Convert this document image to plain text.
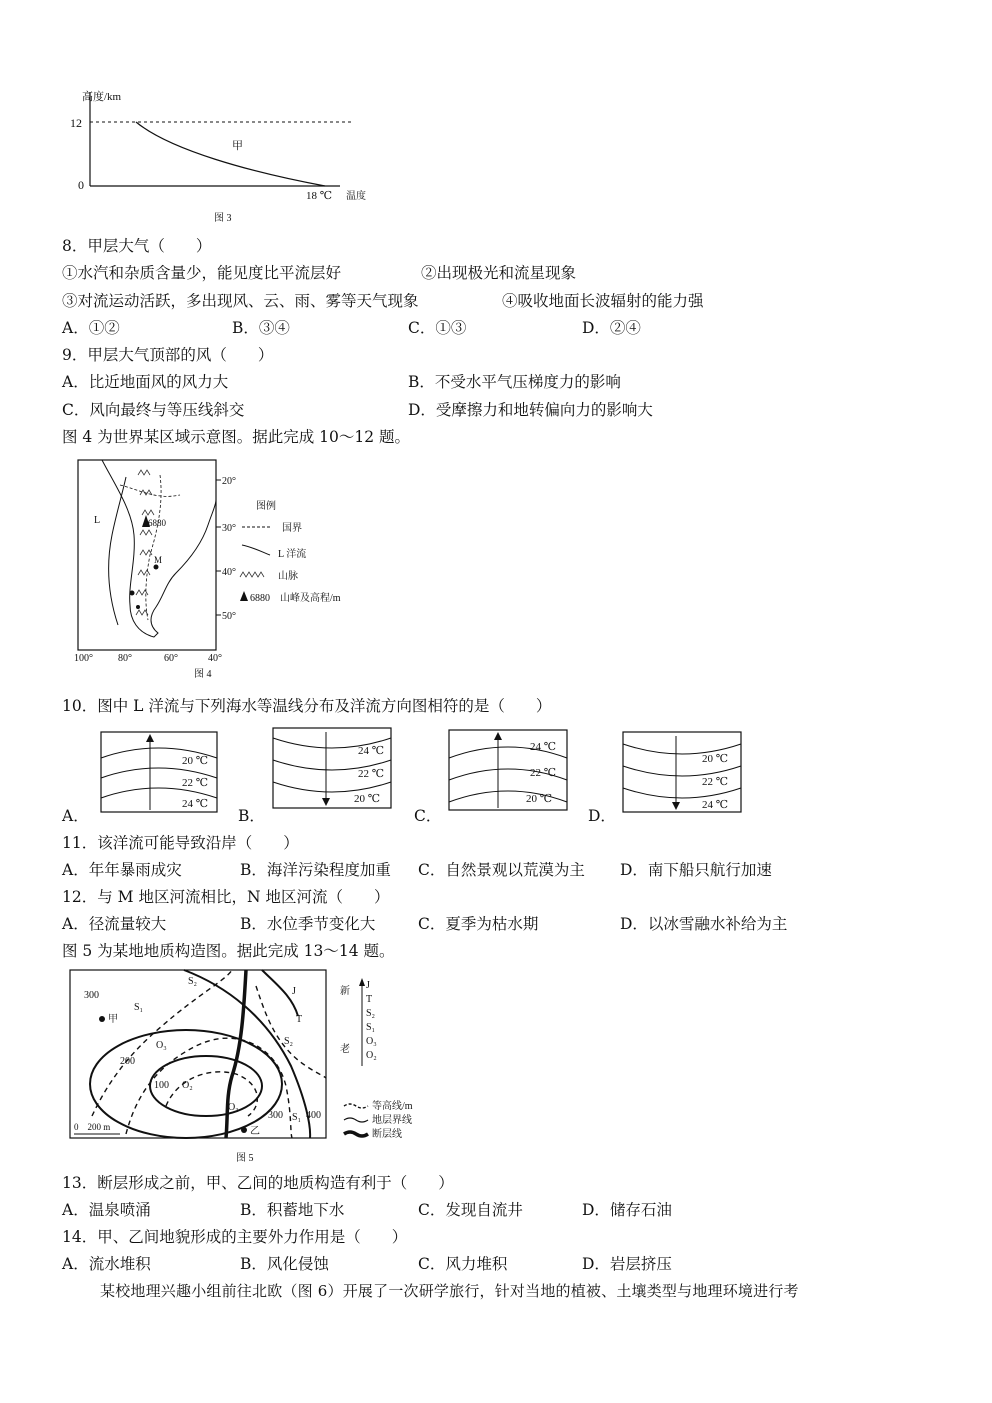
高度/km
12
0
甲
18 ℃ 温度
图 3
8．甲层大气（　　）
①水汽和杂质含量少，能见度比平流层好	②出现极光和流星现象
③对流运动活跃，多出现风、云、雨、雾等天气现象	④吸收地面长波辐射的能力强
A．①②	B．③④	C．①③	D．②④
9．甲层大气顶部的风（　　）
A．比近地面风的风力大	B．不受水平气压梯度力的影响
C．风向最终与等压线斜交	D．受摩擦力和地转偏向力的影响大
图 4 为世界某区域示意图。据此完成 10～12 题。
20°
30°
40°
50°
100°	80°	60°	40°
L	6880
M
图例
国界
L 洋流
山脉
6880 山峰及高程/m
图 4
10．图中 L 洋流与下列海水等温线分布及洋流方向图相符的是（　　）
20 ℃
22 ℃
24 ℃
A．
24 ℃
22 ℃
20 ℃
B．
24 ℃
22 ℃
20 ℃
C．
20 ℃
22 ℃
24 ℃
D．
11．该洋流可能导致沿岸（　　）
A．年年暴雨成灾	B．海洋污染程度加重 C．自然景观以荒漠为主 D．南下船只航行加速
12．与 M 地区河流相比，N 地区河流（　　）
A．径流量较大	B．水位季节变化大	C．夏季为枯水期	D．以冰雪融水补给为主
图 5 为某地地质构造图。据此完成 13～14 题。
300
S₂
S₁
甲
O₃
200
100 O₂
O₃
S₂
T
J
300 S₁ 400
乙
0　200 m
新
老
J
T
S₂
S₁
O₃
O₂
等高线/m
地层界线
断层线
图 5
13．断层形成之前，甲、乙间的地质构造有利于（　　）
A．温泉喷涌	B．积蓄地下水	C．发现自流井	D．储存石油
14．甲、乙间地貌形成的主要外力作用是（　　）
A．流水堆积	B．风化侵蚀	C．风力堆积	D．岩层挤压
某校地理兴趣小组前往北欧（图 6）开展了一次研学旅行，针对当地的植被、土壤类型与地理环境进行考
